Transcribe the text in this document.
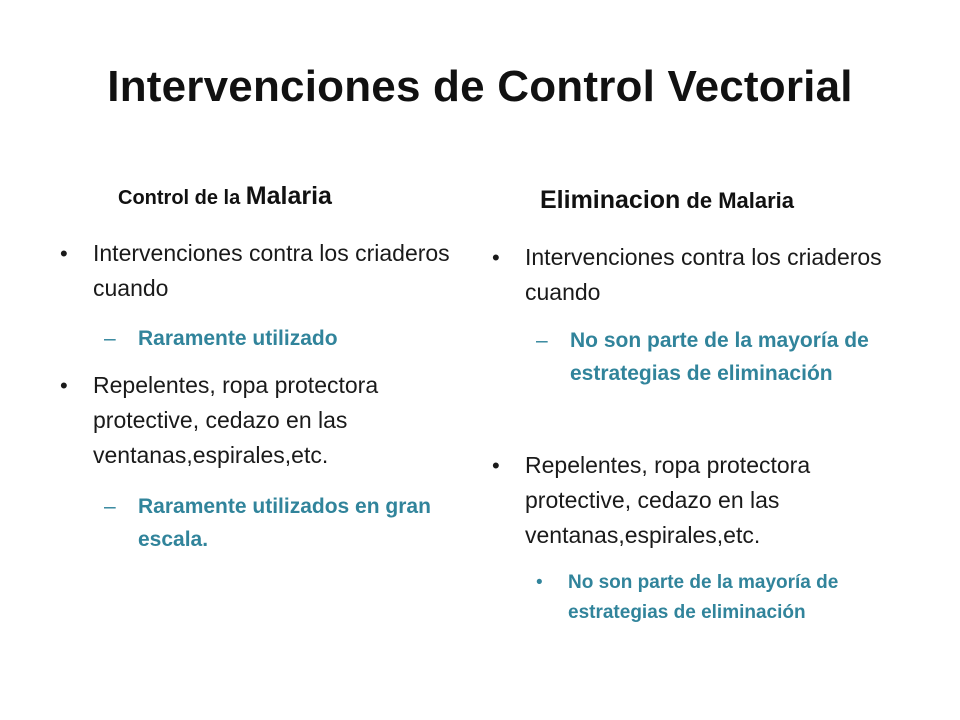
Intervenciones de Control Vectorial
Control de la Malaria
•	Intervenciones contra los criaderos cuando
– Raramente utilizado
•	Repelentes, ropa protectora protective, cedazo en las ventanas,espirales,etc.
– Raramente utilizados en gran escala.
Eliminacion de Malaria
•	Intervenciones contra los criaderos cuando
– No son parte de la mayoría de estrategias de eliminación
•	Repelentes, ropa protectora protective, cedazo en las ventanas,espirales,etc.
• No son parte de la mayoría de estrategias de eliminación
